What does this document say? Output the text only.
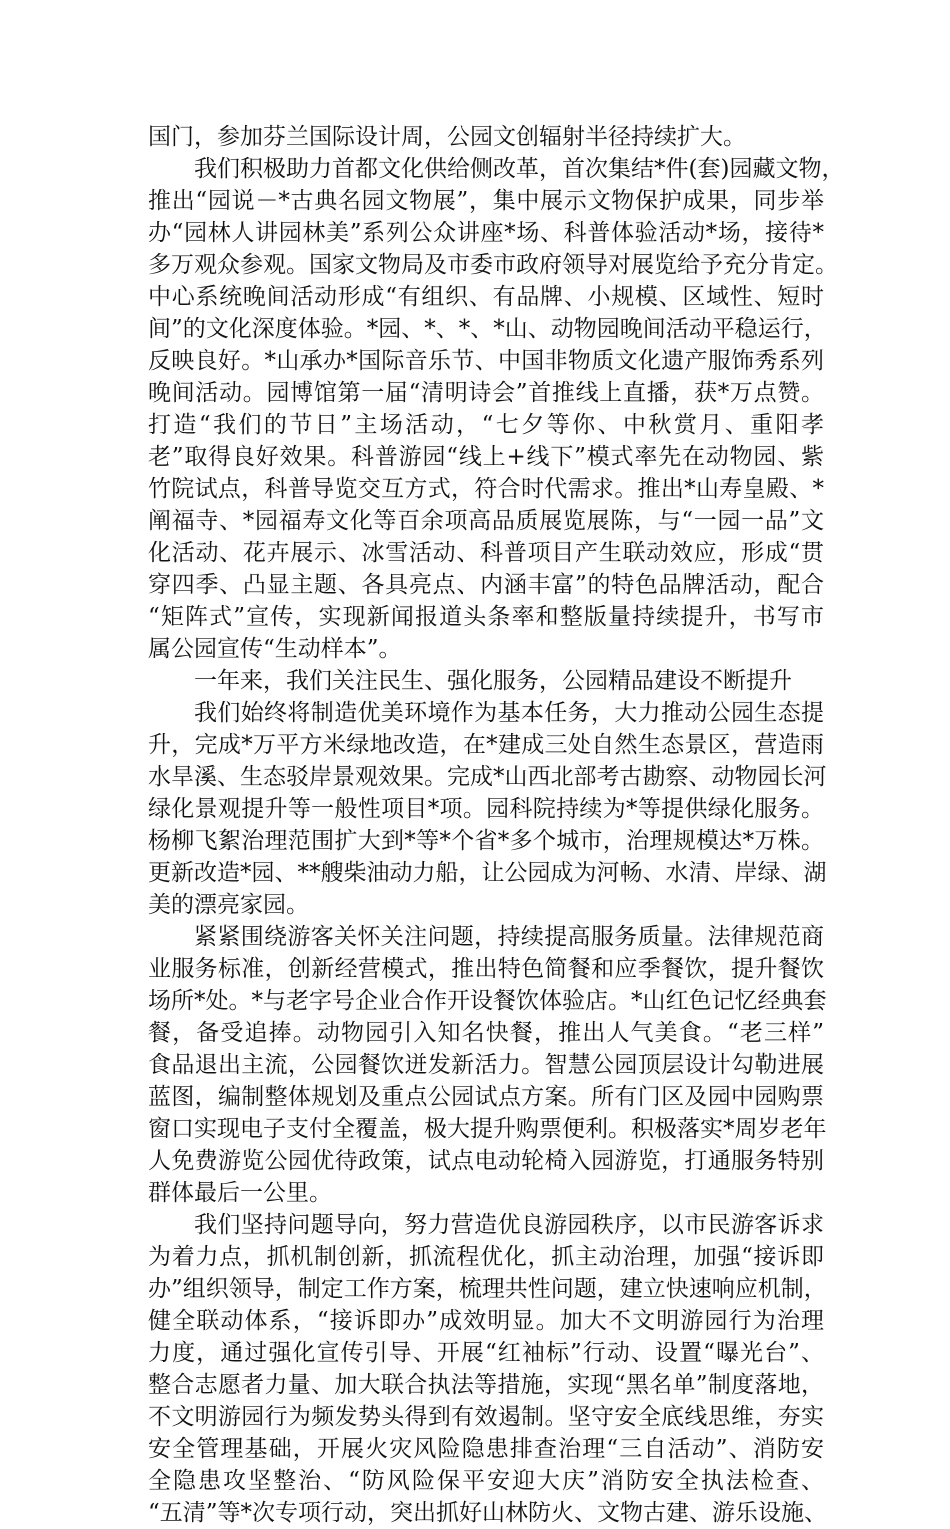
国门，参加芬兰国际设计周，公园文创辐射半径持续扩大。
我们积极助力首都文化供给侧改革，首次集结*件(套)园藏文物，
推出“园说－*古典名园文物展”，集中展示文物保护成果，同步举
办“园林人讲园林美”系列公众讲座*场、科普体验活动*场，接待*
多万观众参观。国家文物局及市委市政府领导对展览给予充分肯定。
中心系统晚间活动形成“有组织、有品牌、小规模、区域性、短时
间”的文化深度体验。*园、*、*、*山、动物园晚间活动平稳运行，
反映良好。*山承办*国际音乐节、中国非物质文化遗产服饰秀系列
晚间活动。园博馆第一届“清明诗会”首推线上直播，获*万点赞。
打造“我们的节日”主场活动，“七夕等你、中秋赏月、重阳孝
老”取得良好效果。科普游园“线上+线下”模式率先在动物园、紫
竹院试点，科普导览交互方式，符合时代需求。推出*山寿皇殿、*
阐福寺、*园福寿文化等百余项高品质展览展陈，与“一园一品”文
化活动、花卉展示、冰雪活动、科普项目产生联动效应，形成“贯
穿四季、凸显主题、各具亮点、内涵丰富”的特色品牌活动，配合
“矩阵式”宣传，实现新闻报道头条率和整版量持续提升，书写市
属公园宣传“生动样本”。
一年来，我们关注民生、强化服务，公园精品建设不断提升
我们始终将制造优美环境作为基本任务，大力推动公园生态提
升，完成*万平方米绿地改造，在*建成三处自然生态景区，营造雨
水旱溪、生态驳岸景观效果。完成*山西北部考古勘察、动物园长河
绿化景观提升等一般性项目*项。园科院持续为*等提供绿化服务。
杨柳飞絮治理范围扩大到*等*个省*多个城市，治理规模达*万株。
更新改造*园、**艘柴油动力船，让公园成为河畅、水清、岸绿、湖
美的漂亮家园。
紧紧围绕游客关怀关注问题，持续提高服务质量。法律规范商
业服务标准，创新经营模式，推出特色简餐和应季餐饮，提升餐饮
场所*处。*与老字号企业合作开设餐饮体验店。*山红色记忆经典套
餐，备受追捧。动物园引入知名快餐，推出人气美食。“老三样”
食品退出主流，公园餐饮迸发新活力。智慧公园顶层设计勾勒进展
蓝图，编制整体规划及重点公园试点方案。所有门区及园中园购票
窗口实现电子支付全覆盖，极大提升购票便利。积极落实*周岁老年
人免费游览公园优待政策，试点电动轮椅入园游览，打通服务特别
群体最后一公里。
我们坚持问题导向，努力营造优良游园秩序，以市民游客诉求
为着力点，抓机制创新，抓流程优化，抓主动治理，加强“接诉即
办”组织领导，制定工作方案，梳理共性问题，建立快速响应机制，
健全联动体系，“接诉即办”成效明显。加大不文明游园行为治理
力度，通过强化宣传引导、开展“红袖标”行动、设置“曝光台”、
整合志愿者力量、加大联合执法等措施，实现“黑名单”制度落地，
不文明游园行为频发势头得到有效遏制。坚守安全底线思维，夯实
安全管理基础，开展火灾风险隐患排查治理“三自活动”、消防安
全隐患攻坚整治、“防风险保平安迎大庆”消防安全执法检查、
“五清”等*次专项行动，突出抓好山林防火、文物古建、游乐设施、
